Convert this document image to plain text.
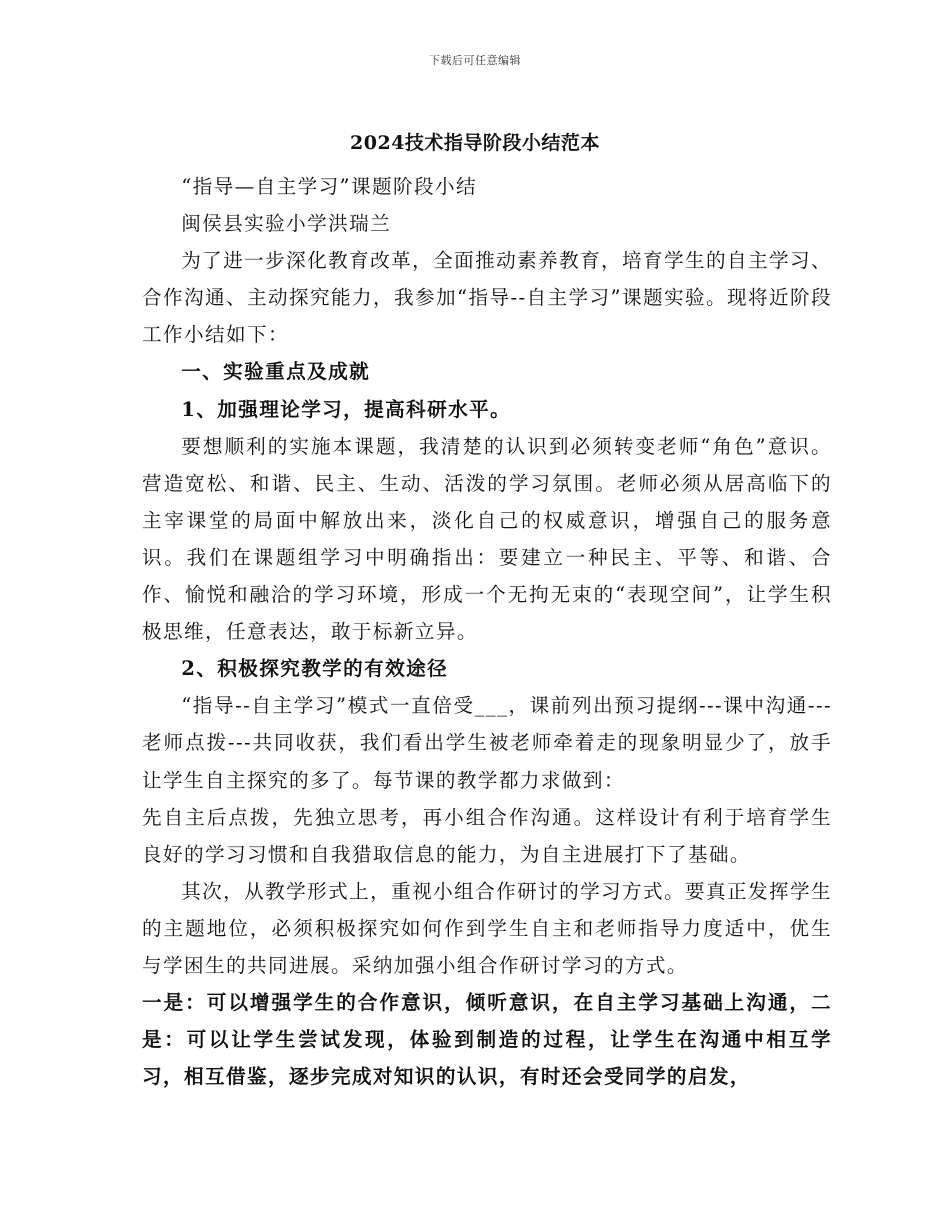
下载后可任意编辑
2024技术指导阶段小结范本

“指导—自主学习”课题阶段小结

闽侯县实验小学洪瑞兰

为了进一步深化教育改革，全面推动素养教育，培育学生的自主学习、合作沟通、主动探究能力，我参加“指导--自主学习”课题实验。现将近阶段工作小结如下：

一、实验重点及成就

1、加强理论学习，提高科研水平。

要想顺利的实施本课题，我清楚的认识到必须转变老师“角色”意识。营造宽松、和谐、民主、生动、活泼的学习氛围。老师必须从居高临下的主宰课堂的局面中解放出来，淡化自己的权威意识，增强自己的服务意识。我们在课题组学习中明确指出：要建立一种民主、平等、和谐、合作、愉悦和融洽的学习环境，形成一个无拘无束的“表现空间”，让学生积极思维，任意表达，敢于标新立异。

2、积极探究教学的有效途径

“指导--自主学习”模式一直倍受___，课前列出预习提纲---课中沟通---老师点拨---共同收获，我们看出学生被老师牵着走的现象明显少了，放手让学生自主探究的多了。每节课的教学都力求做到：

先自主后点拨，先独立思考，再小组合作沟通。这样设计有利于培育学生良好的学习习惯和自我猎取信息的能力，为自主进展打下了基础。

其次，从教学形式上，重视小组合作研讨的学习方式。要真正发挥学生的主题地位，必须积极探究如何作到学生自主和老师指导力度适中，优生与学困生的共同进展。采纳加强小组合作研讨学习的方式。

一是：可以增强学生的合作意识，倾听意识，在自主学习基础上沟通，二是：可以让学生尝试发现，体验到制造的过程，让学生在沟通中相互学习，相互借鉴，逐步完成对知识的认识，有时还会受同学的启发，
